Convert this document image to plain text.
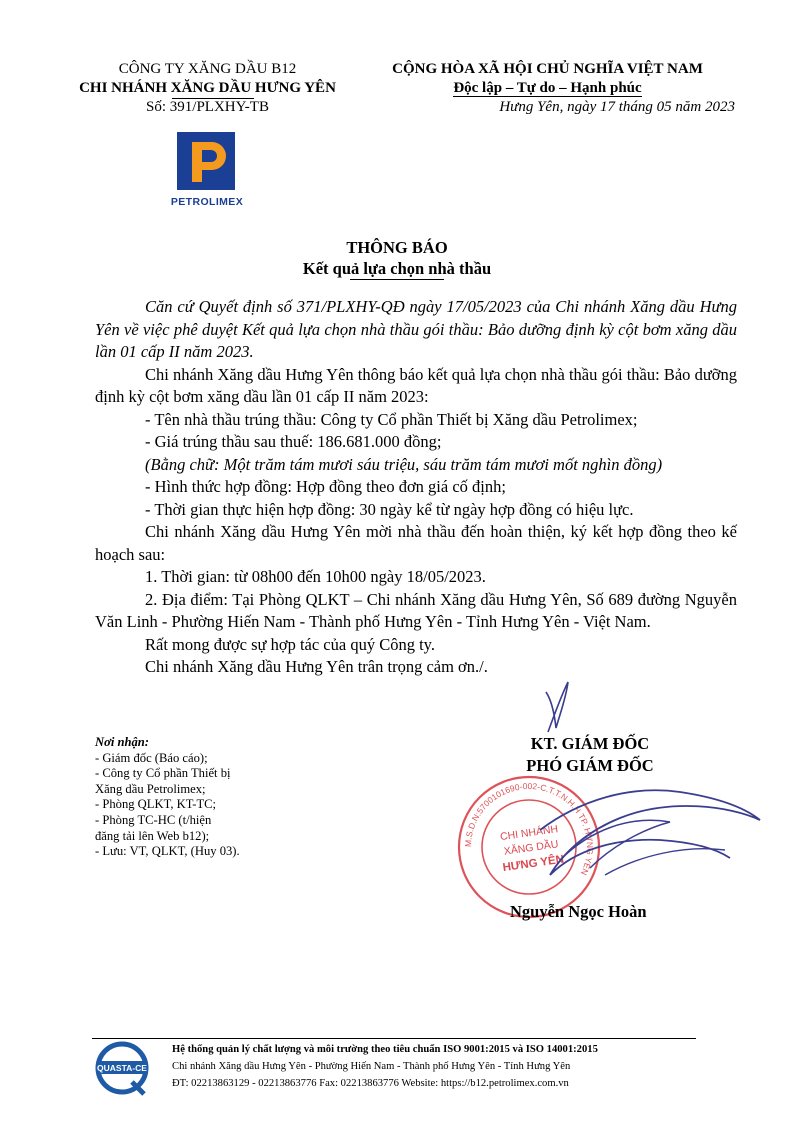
CÔNG TY XĂNG DẦU B12
CHI NHÁNH XĂNG DẦU HƯNG YÊN
Số: 391/PLXHY-TB
CỘNG HÒA XÃ HỘI CHỦ NGHĨA VIỆT NAM
Độc lập – Tự do – Hạnh phúc
Hưng Yên, ngày 17 tháng 05 năm 2023
PETROLIMEX
THÔNG BÁO
Kết quả lựa chọn nhà thầu
Căn cứ Quyết định số 371/PLXHY-QĐ ngày 17/05/2023 của Chi nhánh Xăng dầu Hưng Yên về việc phê duyệt Kết quả lựa chọn nhà thầu gói thầu: Bảo dưỡng định kỳ cột bơm xăng dầu lần 01 cấp II năm 2023.
Chi nhánh Xăng dầu Hưng Yên thông báo kết quả lựa chọn nhà thầu gói thầu: Bảo dưỡng định kỳ cột bơm xăng dầu lần 01 cấp II năm 2023:
- Tên nhà thầu trúng thầu: Công ty Cổ phần Thiết bị Xăng dầu Petrolimex;
- Giá trúng thầu sau thuế: 186.681.000 đồng;
(Bằng chữ: Một trăm tám mươi sáu triệu, sáu trăm tám mươi mốt nghìn đồng)
- Hình thức hợp đồng: Hợp đồng theo đơn giá cố định;
- Thời gian thực hiện hợp đồng: 30 ngày kể từ ngày hợp đồng có hiệu lực.
Chi nhánh Xăng dầu Hưng Yên mời nhà thầu đến hoàn thiện, ký kết hợp đồng theo kế hoạch sau:
1. Thời gian: từ 08h00 đến 10h00 ngày 18/05/2023.
2. Địa điểm: Tại Phòng QLKT – Chi nhánh Xăng dầu Hưng Yên, Số 689 đường Nguyễn Văn Linh - Phường Hiến Nam - Thành phố Hưng Yên - Tỉnh Hưng Yên - Việt Nam.
Rất mong được sự hợp tác của quý Công ty.
Chi nhánh Xăng dầu Hưng Yên trân trọng cảm ơn./.
Nơi nhận:
- Giám đốc (Báo cáo);
- Công ty Cổ phần Thiết bị
Xăng dầu Petrolimex;
- Phòng QLKT, KT-TC;
- Phòng TC-HC (t/hiện
đăng tải lên Web b12);
- Lưu: VT, QLKT, (Huy 03).
KT. GIÁM ĐỐC
PHÓ GIÁM ĐỐC
M.S.D.N:5700101690-002-C.T.T.N.H.H TP. HƯNG YÊN
CHI NHÁNH
XĂNG DẦU
HƯNG YÊN
Nguyễn Ngọc Hoàn
QUASTA-CE
Hệ thống quản lý chất lượng và môi trường theo tiêu chuẩn ISO 9001:2015 và ISO 14001:2015
Chi nhánh Xăng dầu Hưng Yên - Phường Hiến Nam - Thành phố Hưng Yên - Tỉnh Hưng Yên
ĐT: 02213863129 - 02213863776 Fax: 02213863776 Website: https://b12.petrolimex.com.vn
